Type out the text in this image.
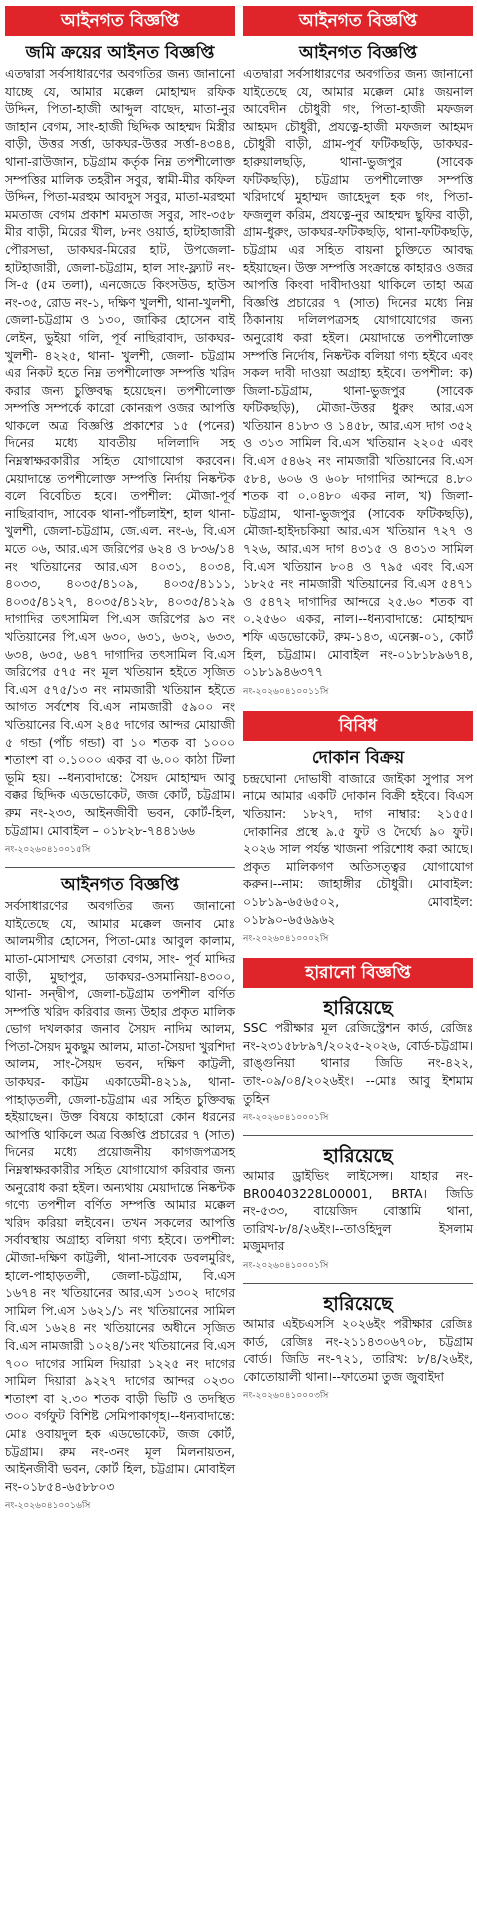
আইনগত বিজ্ঞপ্তি
জমি ক্রয়ের আইনত বিজ্ঞপ্তি
এতদ্বারা সর্বসাধারণের অবগতির জন্য জানানো যাচ্ছে যে, আমার মক্কেল মোহাম্মদ রফিক উদ্দিন, পিতা-হাজী আব্দুল বাছেদ, মাতা-নুর জাহান বেগম, সাং-হাজী ছিদ্দিক আহম্মদ মিস্ত্রীর বাড়ী, উত্তর সর্ত্তা, ডাকঘর-উত্তর সর্ত্তা-৪৩৪৪, থানা-রাউজান, চট্টগ্রাম কর্তৃক নিম্ন তপশীলোক্ত সম্পত্তির মালিক তহরীন সবুর, স্বামী-মীর কফিল উদ্দিন, পিতা-মরহুম আবদুস সবুর, মাতা-মরহুমা মমতাজ বেগম প্রকাশ মমতাজ সবুর, সাং-৩৫৮ মীর বাড়ী, মিরের খীল, ৮নং ওয়ার্ড, হাটহাজারী পৌরসভা, ডাকঘর-মিরের হাট, উপজেলা-হাটহাজারী, জেলা-চট্টগ্রাম, হাল সাং-ফ্ল্যাট নং-সি-৫ (৫ম তলা), এনজেডে কিংসউড, হাউস নং-৩৫, রোড নং-১, দক্ষিণ খুলশী, থানা-খুলশী, জেলা-চট্টগ্রাম ও ১৩০, জাকির হোসেন বাই লেইন, ভুইয়া গলি, পূর্ব নাছিরাবাদ, ডাকঘর- খুলশী- ৪২২৫, থানা- খুলশী, জেলা- চট্টগ্রাম এর নিকট হতে নিম্ন তপশীলোক্ত সম্পত্তি খরিদ করার জন্য চুক্তিবদ্ধ হয়েছেন। তপশীলোক্ত সম্পত্তি সম্পর্কে কারো কোনরূপ ওজর আপত্তি থাকলে অত্র বিজ্ঞপ্তি প্রকাশের ১৫ (পনের) দিনের মধ্যে যাবতীয় দলিলাদি সহ নিম্নস্বাক্ষরকারীর সহিত যোগাযোগ করবেন। মেয়াদান্তে তপশীলোক্ত সম্পত্তি নির্দায় নিষ্কন্টক বলে বিবেচিত হবে। তপশীল: মৌজা-পূর্ব নাছিরাবাদ, সাবেক থানা-পাঁচলাইশ, হাল থানা-খুলশী, জেলা-চট্টগ্রাম, জে.এল. নং-৬, বি.এস মতে ০৬, আর.এস জরিপের ৬২৪ ও ৮৩৬/১৪ নং খতিয়ানের আর.এস ৪০৩১, ৪০৩৪, ৪০৩৩, ৪০৩৫/৪১০৯, ৪০৩৫/৪১১১, ৪০৩৫/৪১২৭, ৪০৩৫/৪১২৮, ৪০৩৫/৪১২৯ দাগাদির তৎসামিল পি.এস জরিপের ৯৩ নং খতিয়ানের পি.এস ৬৩০, ৬৩১, ৬৩২, ৬৩৩, ৬৩৪, ৬৩৫, ৬৪৭ দাগাদির তৎসামিল বি.এস জরিপের ৫৭৫ নং মূল খতিয়ান হইতে সৃজিত বি.এস ৫৭৫/১৩ নং নামজারী খতিয়ান হইতে আগত সর্বশেষ বি.এস নামজারী ৫৯০০ নং খতিয়ানের বি.এস ২৪৫ দাগের আন্দর মোয়াজী ৫ গন্ডা (পাঁচ গন্ডা) বা ১০ শতক বা ১০০০ শতাংশ বা ০.১০০০ একর বা ৬.০০ কাঠা টিলা ভূমি হয়। --ধন্যবাদান্তে: সৈয়দ মোহাম্মদ আবু বক্কর ছিদ্দিক এডভোকেট, জজ কোর্ট, চট্টগ্রাম। রুম নং-২৩৩, আইনজীবী ভবন, কোর্ট-হিল, চট্টগ্রাম। মোবাইল – ০১৮২৮-৭৪৪১৬৬
নং-২০২৬০৪১০০১৫সি
আইনগত বিজ্ঞপ্তি
সর্বসাধারণের অবগতির জন্য জানানো যাইতেছে যে, আমার মক্কেল জনাব মোঃ আলমগীর হোসেন, পিতা-মোঃ আবুল কালাম, মাতা-মোসাম্মৎ সেতারা বেগম, সাং- পূর্ব মাদ্দির বাড়ী, মুছাপুর, ডাকঘর-ওসমানিয়া-৪৩০০, থানা- সন্দ্বীপ, জেলা-চট্টগ্রাম তপশীল বর্ণিত সম্পত্তি খরিদ করিবার জন্য উহার প্রকৃত মালিক ভোগ দখলকার জনাব সৈয়দ নাদিম আলম, পিতা-সৈয়দ মুকছুম আলম, মাতা-সৈয়দা খুরশিদা আলম, সাং-সৈয়দ ভবন, দক্ষিণ কাট্টলী, ডাকঘর- কাট্টম একাডেমী-৪২১৯, থানা-পাহাড়তলী, জেলা-চট্টগ্রাম এর সহিত চুক্তিবদ্ধ হইয়াছেন। উক্ত বিষয়ে কাহারো কোন ধরনের আপত্তি থাকিলে অত্র বিজ্ঞপ্তি প্রচারের ৭ (সাত) দিনের মধ্যে প্রয়োজনীয় কাগজপত্রসহ নিম্নস্বাক্ষরকারীর সহিত যোগাযোগ করিবার জন্য অনুরোধ করা হইল। অন্যথায় মেয়াদান্তে নিষ্কন্টক গণ্যে তপশীল বর্ণিত সম্পত্তি আমার মক্কেল খরিদ করিয়া লইবেন। তখন সকলের আপত্তি সর্বাবস্থায় অগ্রাহ্য বলিয়া গণ্য হইবে। তপশীল: মৌজা-দক্ষিণ কাট্টলী, থানা-সাবেক ডবলমুরিং, হালে-পাহাড়তলী, জেলা-চট্টগ্রাম, বি.এস ১৬৭৪ নং খতিয়ানের আর.এস ১৩০২ দাগের সামিল পি.এস ১৬২১/১ নং খতিয়ানের সামিল বি.এস ১৬২৪ নং খতিয়ানের অধীনে সৃজিত বি.এস নামজারী ১০২৪/১নং খতিয়ানের বি.এস ৭০০ দাগের সামিল দিয়ারা ১২২৫ নং দাগের সামিল দিয়ারা ৯২২৭ দাগের আন্দর ০২৩০ শতাংশ বা ২.৩০ শতক বাড়ী ভিটি ও তদস্থিত ৩০০ বর্গফুট বিশিষ্ট সেমিপাকাগৃহ।--ধন্যবাদান্তে: মোঃ ওবায়দুল হক এডভোকেট, জজ কোর্ট, চট্টগ্রাম। রুম নং-৩নং মূল মিলনায়তন, আইনজীবী ভবন, কোর্ট হিল, চট্টগ্রাম। মোবাইল নং-০১৮৫৪-৬৫৮৮০৩
নং-২০২৬০৪১০০১৬সি
আইনগত বিজ্ঞপ্তি
আইনগত বিজ্ঞপ্তি
এতদ্বারা সর্বসাধারণের অবগতির জন্য জানানো যাইতেছে যে, আমার মক্কেল মোঃ জয়নাল আবেদীন চৌধুরী গং, পিতা-হাজী মফজল আহমদ চৌধুরী, প্রযত্নে-হাজী মফজল আহমদ চৌধুরী বাড়ী, গ্রাম-পূর্ব ফটিকছড়ি, ডাকঘর-হারুয়ালছড়ি, থানা-ভুজপুর (সাবেক ফটিকছড়ি), চট্টগ্রাম তপশীলোক্ত সম্পত্তি খরিদার্থে মুহাম্মদ জাহেদুল হক গং, পিতা-ফজলুল করিম, প্রযত্নে-নুর আহম্মদ ছুফির বাড়ী, গ্রাম-ধুরুং, ডাকঘর-ফটিকছড়ি, থানা-ফটিকছড়ি, চট্টগ্রাম এর সহিত বায়না চুক্তিতে আবদ্ধ হইয়াছেন। উক্ত সম্পত্তি সংক্রান্তে কাহারও ওজর আপত্তি কিংবা দাবীদাওয়া থাকিলে তাহা অত্র বিজ্ঞপ্তি প্রচারের ৭ (সাত) দিনের মধ্যে নিম্ন ঠিকানায় দলিলপত্রসহ যোগাযোগের জন্য অনুরোধ করা হইল। মেয়াদান্তে তপশীলোক্ত সম্পত্তি নির্দোষ, নিষ্কন্টক বলিয়া গণ্য হইবে এবং সকল দাবী দাওয়া অগ্রাহ্য হইবে। তপশীল: ক) জিলা-চট্টগ্রাম, থানা-ভুজপুর (সাবেক ফটিকছড়ি), মৌজা-উত্তর ধুরুং আর.এস খতিয়ান ৪১৮৩ ও ১৪৫৮, আর.এস দাগ ৩৫২ ও ৩১৩ সামিল বি.এস খতিয়ান ২২০৫ এবং বি.এস ৫৪৬২ নং নামজারী খতিয়ানের বি.এস ৫৮৪, ৬০৬ ও ৬০৮ দাগাদির আন্দরে ৪.৮০ শতক বা ০.০৪৮০ একর নাল, খ) জিলা-চট্টগ্রাম, থানা-ভুজপুর (সাবেক ফটিকছড়ি), মৌজা-হাইদচকিয়া আর.এস খতিয়ান ৭২৭ ও ৭২৬, আর.এস দাগ ৪৩১৫ ও ৪৩১৩ সামিল বি.এস খতিয়ান ৮০৪ ও ৭৯৫ এবং বি.এস ১৮২৫ নং নামজারী খতিয়ানের বি.এস ৫৪৭১ ও ৫৪৭২ দাগাদির আন্দরে ২৫.৬০ শতক বা ০.২৫৬০ একর, নাল।--ধন্যবাদান্তে: মোহাম্মদ শফি এডভোকেট, রুম-১৪৩, এনেক্স-০১, কোর্ট হিল, চট্টগ্রাম। মোবাইল নং-০১৮১৮৯৬৭৪, ০১৮১৯৪৬৩৭৭
নং-২০২৬০৪১০০১১সি
বিবিধ
দোকান বিক্রয়
চন্দ্রঘোনা দোভাষী বাজারে জাইকা সুপার সপ নামে আমার একটি দোকান বিক্রী হইবে। বিএস খতিয়ান: ১৮২৭, দাগ নাম্বার: ২১৫৫। দোকানির প্রস্থে ৯.৫ ফুট ও দৈর্ঘ্যে ৯০ ফুট। ২০২৬ সাল পর্যন্ত খাজনা পরিশোধ করা আছে। প্রকৃত মালিকগণ অতিসত্ত্বর যোগাযোগ করুন।--নাম: জাহাঙ্গীর চৌধুরী। মোবাইল: ০১৮১৯-৬৫৬৫০২, মোবাইল: ০১৮৯০-৬৫৬৯৬২
নং-২০২৬০৪১০০০২সি
হারানো বিজ্ঞপ্তি
হারিয়েছে
SSC পরীক্ষার মূল রেজিস্ট্রেশন কার্ড, রেজিঃ নং-২৩১৫৮৮৯৭/২০২৫-২০২৬, বোর্ড-চট্টগ্রাম। রাঙ্গুনিয়া থানার জিডি নং-৪২২, তাং-০৯/০৪/২০২৬ইং। --মোঃ আবু ইশমাম তুহিন
নং-২০২৬০৪১০০০১সি
হারিয়েছে
আমার ড্রাইভিং লাইসেন্স। যাহার নং-BR00403228L00001, BRTA। জিডি নং-৫৩৩, বায়েজিদ বোস্তামি থানা, তারিখ-৮/৪/২৬ইং।--তাওহিদুল ইসলাম মজুমদার
নং-২০২৬০৪১০০০১সি
হারিয়েছে
আমার এইচএসসি ২০২৬ইং পরীক্ষার রেজিঃ কার্ড, রেজিঃ নং-২১১৪৩০৬৭০৮, চট্টগ্রাম বোর্ড। জিডি নং-৭২১, তারিখ: ৮/৪/২৬ইং, কোতোয়ালী থানা।--ফাতেমা তুজ জুবাইদা
নং-২০২৬০৪১০০০৩সি
